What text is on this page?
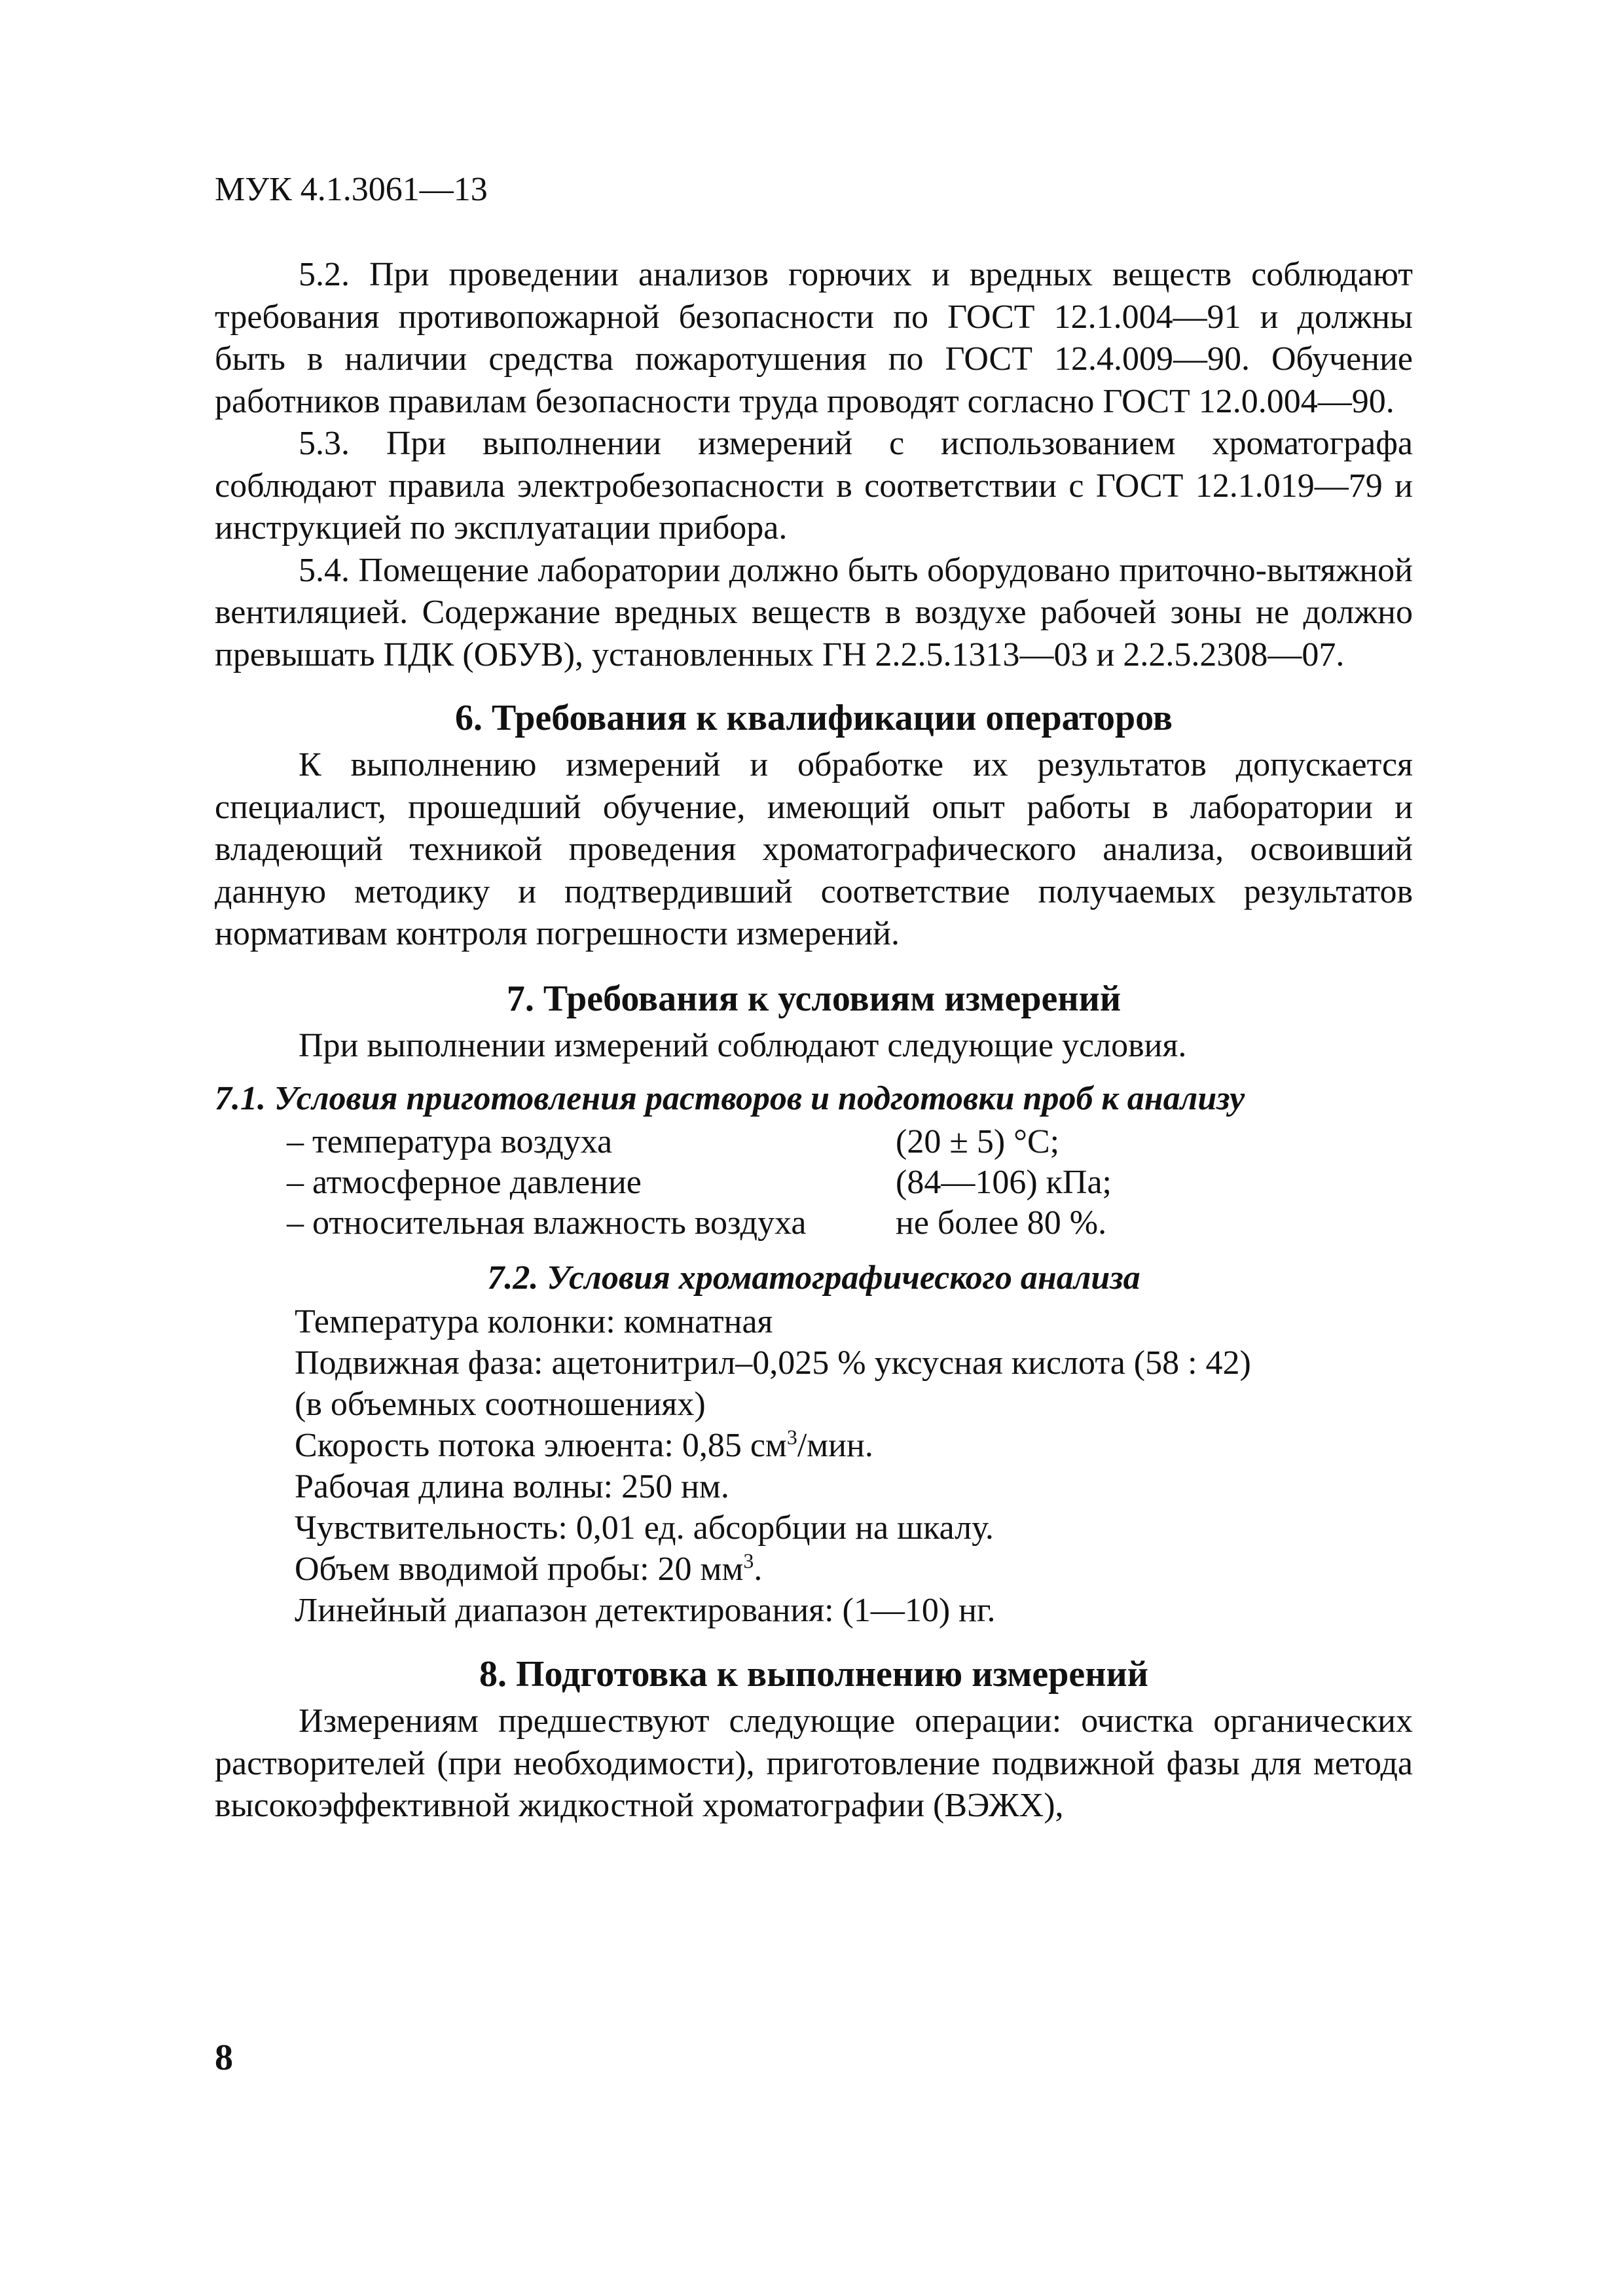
МУК 4.1.3061—13

5.2. При проведении анализов горючих и вредных веществ соблюдают требования противопожарной безопасности по ГОСТ 12.1.004—91 и должны быть в наличии средства пожаротушения по ГОСТ 12.4.009—90. Обучение работников правилам безопасности труда проводят согласно ГОСТ 12.0.004—90.

5.3. При выполнении измерений с использованием хроматографа соблюдают правила электробезопасности в соответствии с ГОСТ 12.1.019—79 и инструкцией по эксплуатации прибора.

5.4. Помещение лаборатории должно быть оборудовано приточно-вытяжной вентиляцией. Содержание вредных веществ в воздухе рабочей зоны не должно превышать ПДК (ОБУВ), установленных ГН 2.2.5.1313—03 и 2.2.5.2308—07.

6. Требования к квалификации операторов

К выполнению измерений и обработке их результатов допускается специалист, прошедший обучение, имеющий опыт работы в лаборатории и владеющий техникой проведения хроматографического анализа, освоивший данную методику и подтвердивший соответствие получаемых результатов нормативам контроля погрешности измерений.

7. Требования к условиям измерений

При выполнении измерений соблюдают следующие условия.

7.1. Условия приготовления растворов и подготовки проб к анализу
– температура воздуха	(20 ± 5) °С;
– атмосферное давление	(84—106) кПа;
– относительная влажность воздуха	не более 80 %.
7.2. Условия хроматографического анализа
Температура колонки: комнатная
Подвижная фаза: ацетонитрил–0,025 % уксусная кислота (58 : 42)
(в объемных соотношениях)
Скорость потока элюента: 0,85 $см^3$/мин.
Рабочая длина волны: 250 нм.
Чувствительность: 0,01 ед. абсорбции на шкалу.
Объем вводимой пробы: 20 $мм^3$.
Линейный диапазон детектирования: (1—10) нг.
8. Подготовка к выполнению измерений

Измерениям предшествуют следующие операции: очистка органических растворителей (при необходимости), приготовление подвижной фазы для метода высокоэффективной жидкостной хроматографии (ВЭЖХ),

8
